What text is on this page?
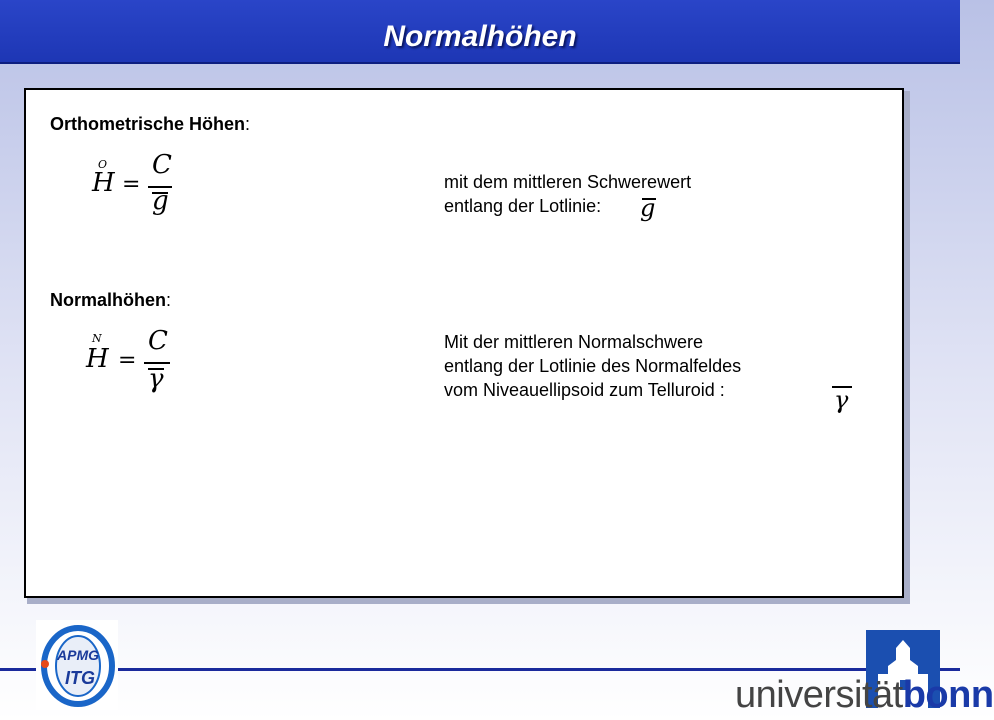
Normalhöhen
Orthometrische Höhen:
O
H =
C
g
mit dem mittleren Schwerewert
entlang der Lotlinie:	g
Normalhöhen:
N
H =
C
γ
Mit der mittleren Normalschwere
entlang der Lotlinie des Normalfeldes
vom Niveauellipsoid zum Telluroid :	γ
APMG
ITG	universitätbonn
